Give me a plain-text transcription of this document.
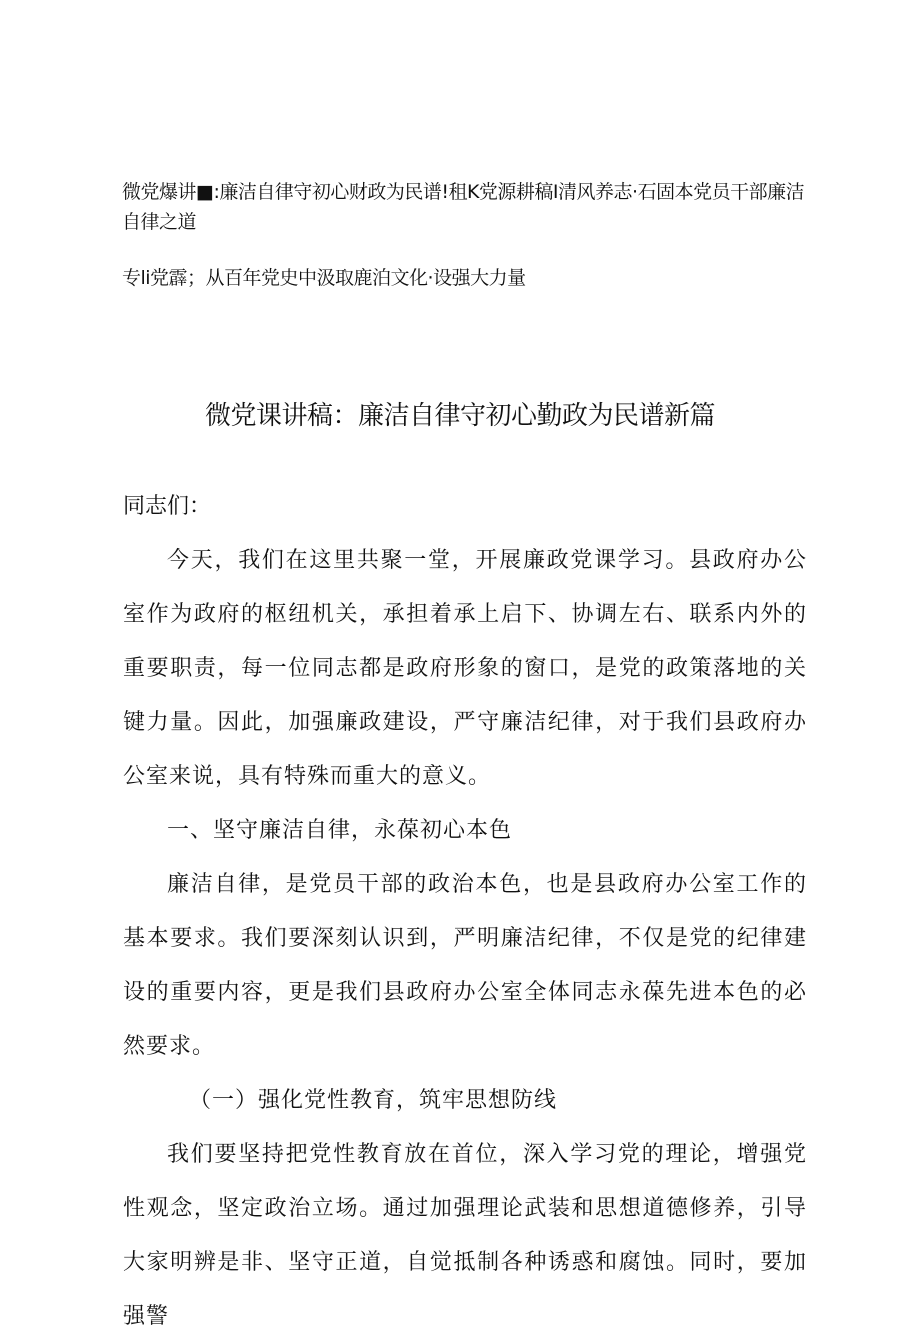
微党爆讲■:廉洁自律守初心财政为民谱!租K党源耕稿I清风养志·石固本党员干部廉洁自律之道
专li党霹；从百年党史中汲取鹿泊文化·设强大力量
微党课讲稿：廉洁自律守初心勤政为民谱新篇
同志们：

今天，我们在这里共聚一堂，开展廉政党课学习。县政府办公室作为政府的枢纽机关，承担着承上启下、协调左右、联系内外的重要职责，每一位同志都是政府形象的窗口，是党的政策落地的关键力量。因此，加强廉政建设，严守廉洁纪律，对于我们县政府办公室来说，具有特殊而重大的意义。

一、坚守廉洁自律，永葆初心本色

廉洁自律，是党员干部的政治本色，也是县政府办公室工作的基本要求。我们要深刻认识到，严明廉洁纪律，不仅是党的纪律建设的重要内容，更是我们县政府办公室全体同志永葆先进本色的必然要求。

（一）强化党性教育，筑牢思想防线

我们要坚持把党性教育放在首位，深入学习党的理论，增强党性观念，坚定政治立场。通过加强理论武装和思想道德修养，引导大家明辨是非、坚守正道，自觉抵制各种诱惑和腐蚀。同时，要加强警
